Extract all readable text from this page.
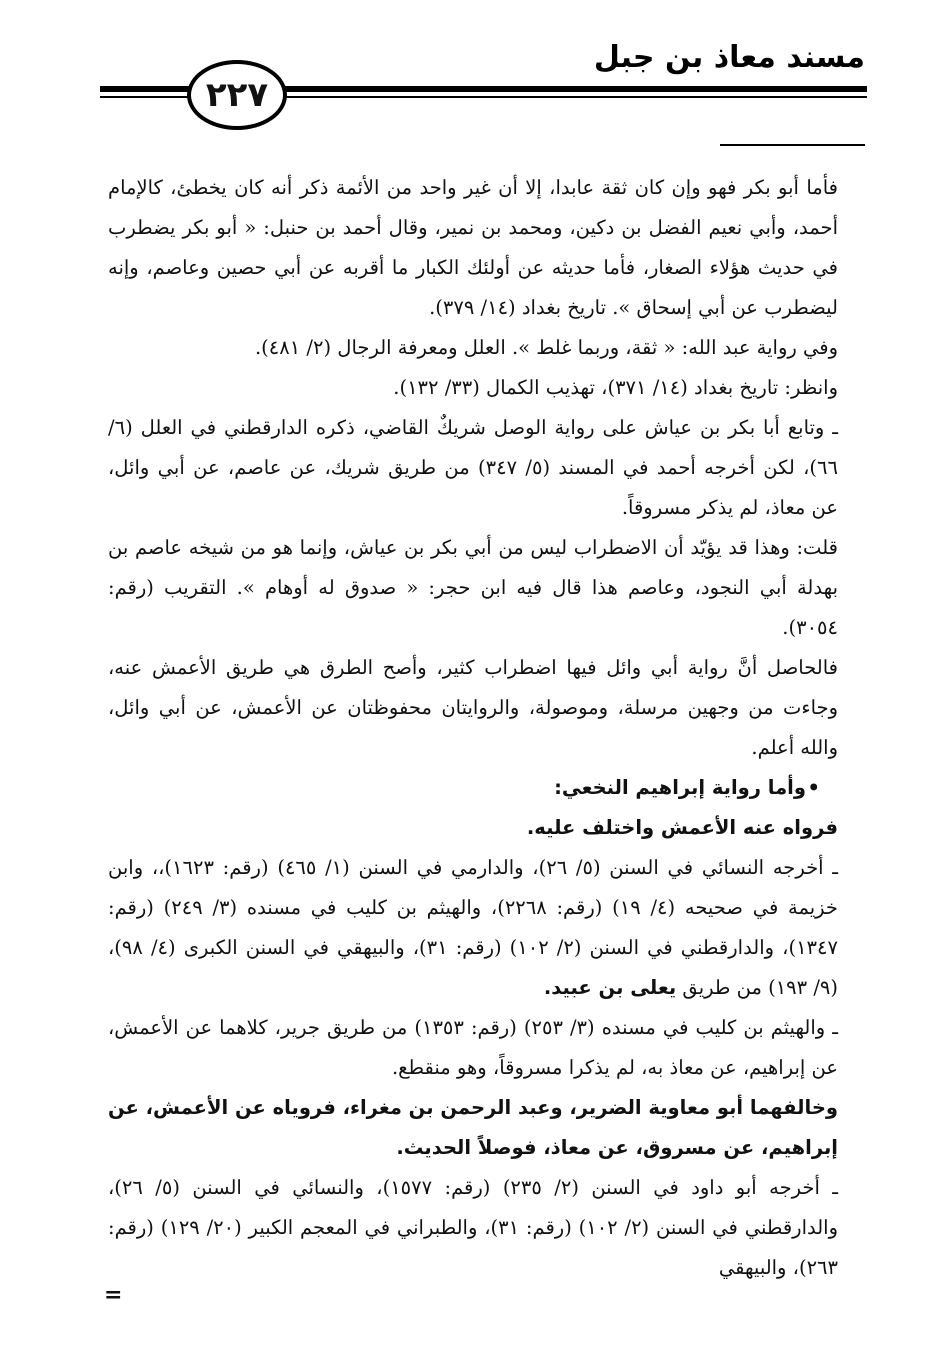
مسند معاذ بن جبل
٢٢٧

فأما أبو بكر فهو وإن كان ثقة عابدا، إلا أن غير واحد من الأئمة ذكر أنه كان يخطئ، كالإمام أحمد، وأبي نعيم الفضل بن دكين، ومحمد بن نمير، وقال أحمد بن حنبل: « أبو بكر يضطرب في حديث هؤلاء الصغار، فأما حديثه عن أولئك الكبار ما أقربه عن أبي حصين وعاصم، وإنه ليضطرب عن أبي إسحاق ». تاريخ بغداد (١٤/ ٣٧٩).

وفي رواية عبد الله: « ثقة، وربما غلط ». العلل ومعرفة الرجال (٢/ ٤٨١).

وانظر: تاريخ بغداد (١٤/ ٣٧١)، تهذيب الكمال (٣٣/ ١٣٢).

ـ وتابع أبا بكر بن عياش على رواية الوصل شريكٌ القاضي، ذكره الدارقطني في العلل (٦/ ٦٦)، لكن أخرجه أحمد في المسند (٥/ ٣٤٧) من طريق شريك، عن عاصم، عن أبي وائل، عن معاذ، لم يذكر مسروقاً.

قلت: وهذا قد يؤيّد أن الاضطراب ليس من أبي بكر بن عياش، وإنما هو من شيخه عاصم بن بهدلة أبي النجود، وعاصم هذا قال فيه ابن حجر: « صدوق له أوهام ». التقريب (رقم: ٣٠٥٤).

فالحاصل أنَّ رواية أبي وائل فيها اضطراب كثير، وأصح الطرق هي طريق الأعمش عنه، وجاءت من وجهين مرسلة، وموصولة، والروايتان محفوظتان عن الأعمش، عن أبي وائل، والله أعلم.

•وأما رواية إبراهيم النخعي:

فرواه عنه الأعمش واختلف عليه.

ـ أخرجه النسائي في السنن (٥/ ٢٦)، والدارمي في السنن (١/ ٤٦٥) (رقم: ١٦٢٣)،، وابن خزيمة في صحيحه (٤/ ١٩) (رقم: ٢٢٦٨)، والهيثم بن كليب في مسنده (٣/ ٢٤٩) (رقم: ١٣٤٧)، والدارقطني في السنن (٢/ ١٠٢) (رقم: ٣١)، والبيهقي في السنن الكبرى (٤/ ٩٨)، (٩/ ١٩٣) من طريق يعلى بن عبيد.

ـ والهيثم بن كليب في مسنده (٣/ ٢٥٣) (رقم: ١٣٥٣) من طريق جرير، كلاهما عن الأعمش، عن إبراهيم، عن معاذ به، لم يذكرا مسروقاً، وهو منقطع.

وخالفهما أبو معاوية الضرير، وعبد الرحمن بن مغراء، فروياه عن الأعمش، عن إبراهيم، عن مسروق، عن معاذ، فوصلاً الحديث.

ـ أخرجه أبو داود في السنن (٢/ ٢٣٥) (رقم: ١٥٧٧)، والنسائي في السنن (٥/ ٢٦)، والدارقطني في السنن (٢/ ١٠٢) (رقم: ٣١)، والطبراني في المعجم الكبير (٢٠/ ١٢٩) (رقم: ٢٦٣)، والبيهقي

=
